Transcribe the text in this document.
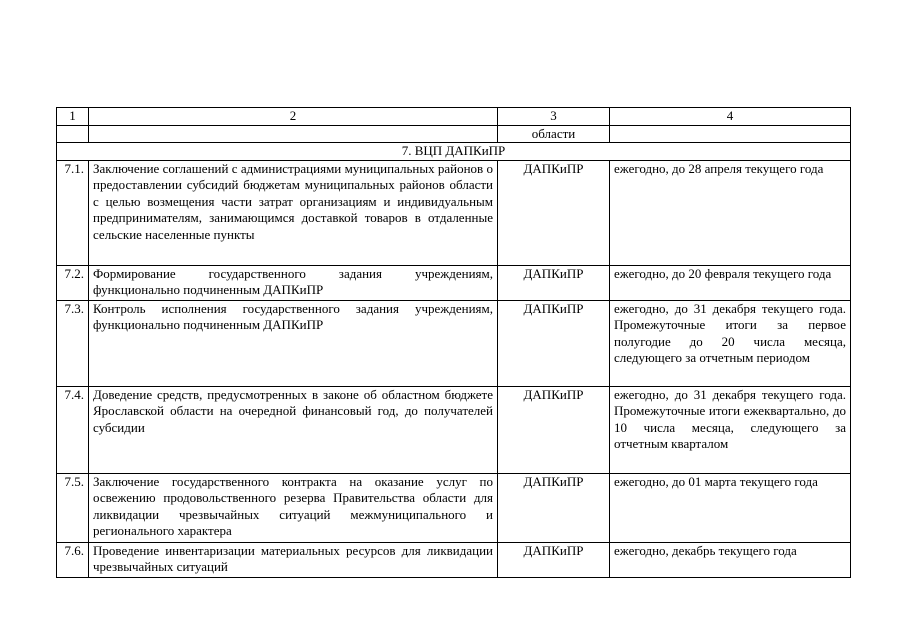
1	2	3	4
		области	
7. ВЦП ДАПКиПР			
7.1.	Заключение соглашений с администрациями муниципальных районов о предоставлении субсидий бюджетам муниципальных районов области с целью возмещения части затрат организациям и индивидуальным предпринимателям, занимающимся доставкой товаров в отдаленные сельские населенные пункты	ДАПКиПР	ежегодно, до 28 апреля текущего года
7.2.	Формирование государственного задания учреждениям, функционально подчиненным ДАПКиПР	ДАПКиПР	ежегодно, до 20 февраля текущего года
7.3.	Контроль исполнения государственного задания учреждениям, функционально подчиненным ДАПКиПР	ДАПКиПР	ежегодно, до 31 декабря текущего года. Промежуточные итоги за первое полугодие до 20 числа месяца, следующего за отчетным периодом
7.4.	Доведение средств, предусмотренных в законе об областном бюджете Ярославской области на очередной финансовый год, до получателей субсидии	ДАПКиПР	ежегодно, до 31 декабря текущего года. Промежуточные итоги ежеквартально, до 10 числа месяца, следующего за отчетным кварталом
7.5.	Заключение государственного контракта на оказание услуг по освежению продовольственного резерва Правительства области для ликвидации чрезвычайных ситуаций межмуниципального и регионального характера	ДАПКиПР	ежегодно, до 01 марта текущего года
7.6.	Проведение инвентаризации материальных ресурсов для ликвидации чрезвычайных ситуаций	ДАПКиПР	ежегодно, декабрь текущего года
